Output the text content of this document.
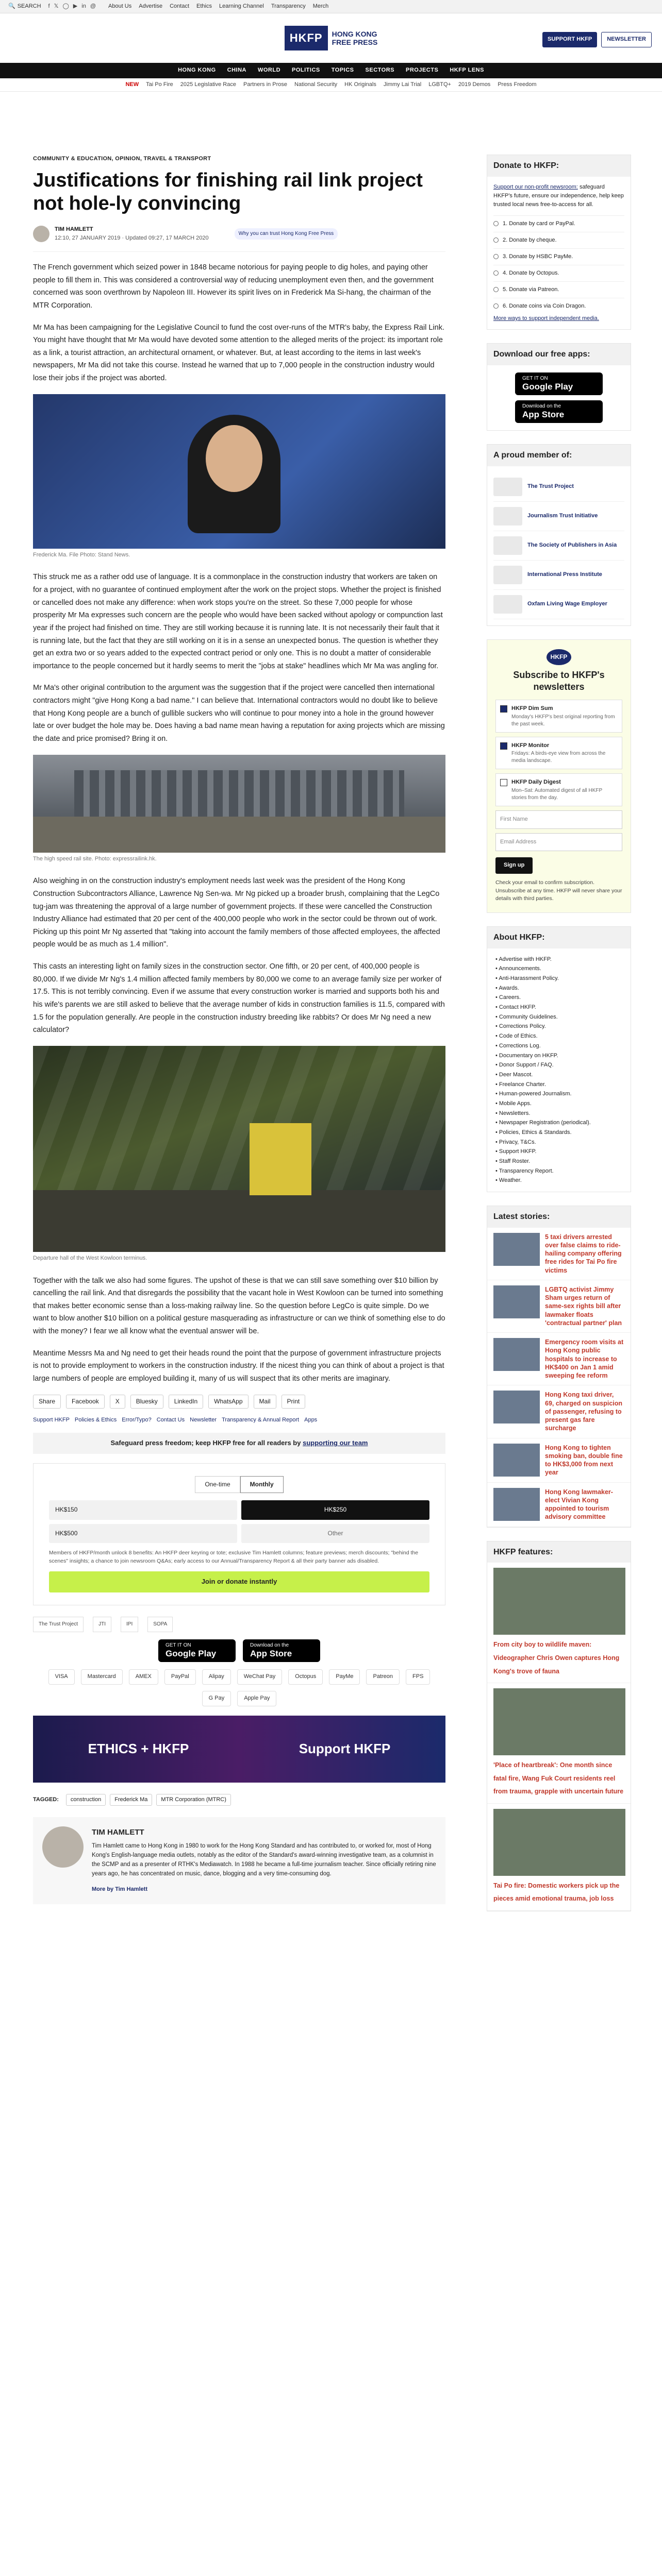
🔍 SEARCH f 𝕏 ◯ ▶ in @ About Us Advertise Contact Ethics Learning Channel Transparency Merch
HKFP	HONG KONG
FREE PRESS	SUPPORT HKFP	NEWSLETTER
HONG KONG CHINA WORLD POLITICS TOPICS SECTORS PROJECTS HKFP LENS
NEW Tai Po Fire 2025 Legislative Race Partners in Prose National Security HK Originals Jimmy Lai Trial LGBTQ+ 2019 Demos Press Freedom
COMMUNITY & EDUCATION, OPINION, TRAVEL & TRANSPORT
Justifications for finishing rail link project not hole-ly convincing
TIM HAMLETT
12:10, 27 JANUARY 2019 · Updated 09:27, 17 MARCH 2020
Why you can trust Hong Kong Free Press

The French government which seized power in 1848 became notorious for paying people to dig holes, and paying other people to fill them in. This was considered a controversial way of reducing unemployment even then, and the government concerned was soon overthrown by Napoleon III. However its spirit lives on in Frederick Ma Si-hang, the chairman of the MTR Corporation.

Mr Ma has been campaigning for the Legislative Council to fund the cost over-runs of the MTR's baby, the Express Rail Link. You might have thought that Mr Ma would have devoted some attention to the alleged merits of the project: its important role as a link, a tourist attraction, an architectural ornament, or whatever. But, at least according to the items in last week's newspapers, Mr Ma did not take this course. Instead he warned that up to 7,000 people in the construction industry would lose their jobs if the project was aborted.

Frederick Ma. File Photo: Stand News.

This struck me as a rather odd use of language. It is a commonplace in the construction industry that workers are taken on for a project, with no guarantee of continued employment after the work on the project stops. Whether the project is finished or cancelled does not make any difference: when work stops you're on the street. So these 7,000 people for whose prosperity Mr Ma expresses such concern are the people who would have been sacked without apology or compunction last year if the project had finished on time. They are still working because it is running late. It is not necessarily their fault that it is running late, but the fact that they are still working on it is in a sense an unexpected bonus. The question is whether they get an extra two or so years added to the expected contract period or only one. This is no doubt a matter of considerable importance to the people concerned but it hardly seems to merit the "jobs at stake" headlines which Mr Ma was angling for.

Mr Ma's other original contribution to the argument was the suggestion that if the project were cancelled then international contractors might "give Hong Kong a bad name." I can believe that. International contractors would no doubt like to believe that Hong Kong people are a bunch of gullible suckers who will continue to pour money into a hole in the ground however late or over budget the hole may be. Does having a bad name mean having a reputation for axing projects which are missing the date and price promised? Bring it on.

The high speed rail site. Photo: expressrailink.hk.

Also weighing in on the construction industry's employment needs last week was the president of the Hong Kong Construction Subcontractors Alliance, Lawrence Ng Sen-wa. Mr Ng picked up a broader brush, complaining that the LegCo tug-jam was threatening the approval of a large number of government projects. If these were cancelled the Construction Industry Alliance had estimated that 20 per cent of the 400,000 people who work in the sector could be thrown out of work. Picking up this point Mr Ng asserted that "taking into account the family members of those affected employees, the affected people would be as much as 1.4 million".

This casts an interesting light on family sizes in the construction sector. One fifth, or 20 per cent, of 400,000 people is 80,000. If we divide Mr Ng's 1.4 million affected family members by 80,000 we come to an average family size per worker of 17.5. This is not terribly convincing. Even if we assume that every construction worker is married and supports both his and his wife's parents we are still asked to believe that the average number of kids in construction families is 11.5, compared with 1.5 for the population generally. Are people in the construction industry breeding like rabbits? Or does Mr Ng need a new calculator?

Departure hall of the West Kowloon terminus.

Together with the talk we also had some figures. The upshot of these is that we can still save something over $10 billion by cancelling the rail link. And that disregards the possibility that the vacant hole in West Kowloon can be turned into something that makes better economic sense than a loss-making railway line. So the question before LegCo is quite simple. Do we want to blow another $10 billion on a political gesture masquerading as infrastructure or can we think of something else to do with the money? I fear we all know what the eventual answer will be.

Meantime Messrs Ma and Ng need to get their heads round the point that the purpose of government infrastructure projects is not to provide employment to workers in the construction industry. If the nicest thing you can think of about a project is that large numbers of people are employed building it, many of us will suspect that its other merits are imaginary.

Share	Facebook	X	Bluesky	LinkedIn	WhatsApp	Mail	Print
Support HKFP Policies & Ethics Error/Typo? Contact Us Newsletter Transparency & Annual Report Apps
Safeguard press freedom; keep HKFP free for all readers by supporting our team
One-time	Monthly
HK$150	HK$250
HK$500	Other
Members of HKFP/month unlock 8 benefits: An HKFP deer keyring or tote; exclusive Tim Hamlett columns; feature previews; merch discounts; "behind the scenes" insights; a chance to join newsroom Q&As; early access to our Annual/Transparency Report & all their party banner ads disabled.
Join or donate instantly
The Trust Project	JTI	IPI	SOPA
GET IT ON
Google Play
Download on the
App Store
VISA	Mastercard	AMEX	PayPal	Alipay	WeChat Pay	Octopus	PayMe	Patreon	FPS
G Pay	Apple Pay
ETHICS + HKFP	Support HKFP
TAGGED:	construction	Frederick Ma	MTR Corporation (MTRC)
TIM HAMLETT

Tim Hamlett came to Hong Kong in 1980 to work for the Hong Kong Standard and has contributed to, or worked for, most of Hong Kong's English-language media outlets, notably as the editor of the Standard's award-winning investigative team, as a columnist in the SCMP and as a presenter of RTHK's Mediawatch. In 1988 he became a full-time journalism teacher. Since officially retiring nine years ago, he has concentrated on music, dance, blogging and a very time-consuming dog.

More by Tim Hamlett
Donate to HKFP:
Support our non-profit newsroom: safeguard HKFP's future, ensure our independence, help keep trusted local news free-to-access for all.
1. Donate by card or PayPal.
2. Donate by cheque.
3. Donate by HSBC PayMe.
4. Donate by Octopus.
5. Donate via Patreon.
6. Donate coins via Coin Dragon.
More ways to support independent media.
Download our free apps:
GET IT ON
Google Play
Download on the
App Store
A proud member of:
The Trust Project
Journalism Trust Initiative
The Society of Publishers in Asia
International Press Institute
Oxfam Living Wage Employer
HKFP
Subscribe to HKFP's newsletters
HKFP Dim Sum
Monday's HKFP's best original reporting from the past week.
HKFP Monitor
Fridays: A birds-eye view from across the media landscape.
HKFP Daily Digest
Mon–Sat: Automated digest of all HKFP stories from the day.
First Name
Email Address
Sign up
Check your email to confirm subscription. Unsubscribe at any time. HKFP will never share your details with third parties.
About HKFP:
• Advertise with HKFP.
• Announcements.
• Anti-Harassment Policy.
• Awards.
• Careers.
• Contact HKFP.
• Community Guidelines.
• Corrections Policy.
• Code of Ethics.
• Corrections Log.
• Documentary on HKFP.
• Donor Support / FAQ.
• Deer Mascot.
• Freelance Charter.
• Human-powered Journalism.
• Mobile Apps.
• Newsletters.
• Newspaper Registration (periodical).
• Policies, Ethics & Standards.
• Privacy, T&Cs.
• Support HKFP.
• Staff Roster.
• Transparency Report.
• Weather.
Latest stories:
5 taxi drivers arrested over false claims to ride-hailing company offering free rides for Tai Po fire victims
LGBTQ activist Jimmy Sham urges return of same-sex rights bill after lawmaker floats 'contractual partner' plan
Emergency room visits at Hong Kong public hospitals to increase to HK$400 on Jan 1 amid sweeping fee reform
Hong Kong taxi driver, 69, charged on suspicion of passenger, refusing to present gas fare surcharge
Hong Kong to tighten smoking ban, double fine to HK$3,000 from next year
Hong Kong lawmaker-elect Vivian Kong appointed to tourism advisory committee
HKFP features:
From city boy to wildlife maven: Videographer Chris Owen captures Hong Kong's trove of fauna
'Place of heartbreak': One month since fatal fire, Wang Fuk Court residents reel from trauma, grapple with uncertain future
Tai Po fire: Domestic workers pick up the pieces amid emotional trauma, job loss
